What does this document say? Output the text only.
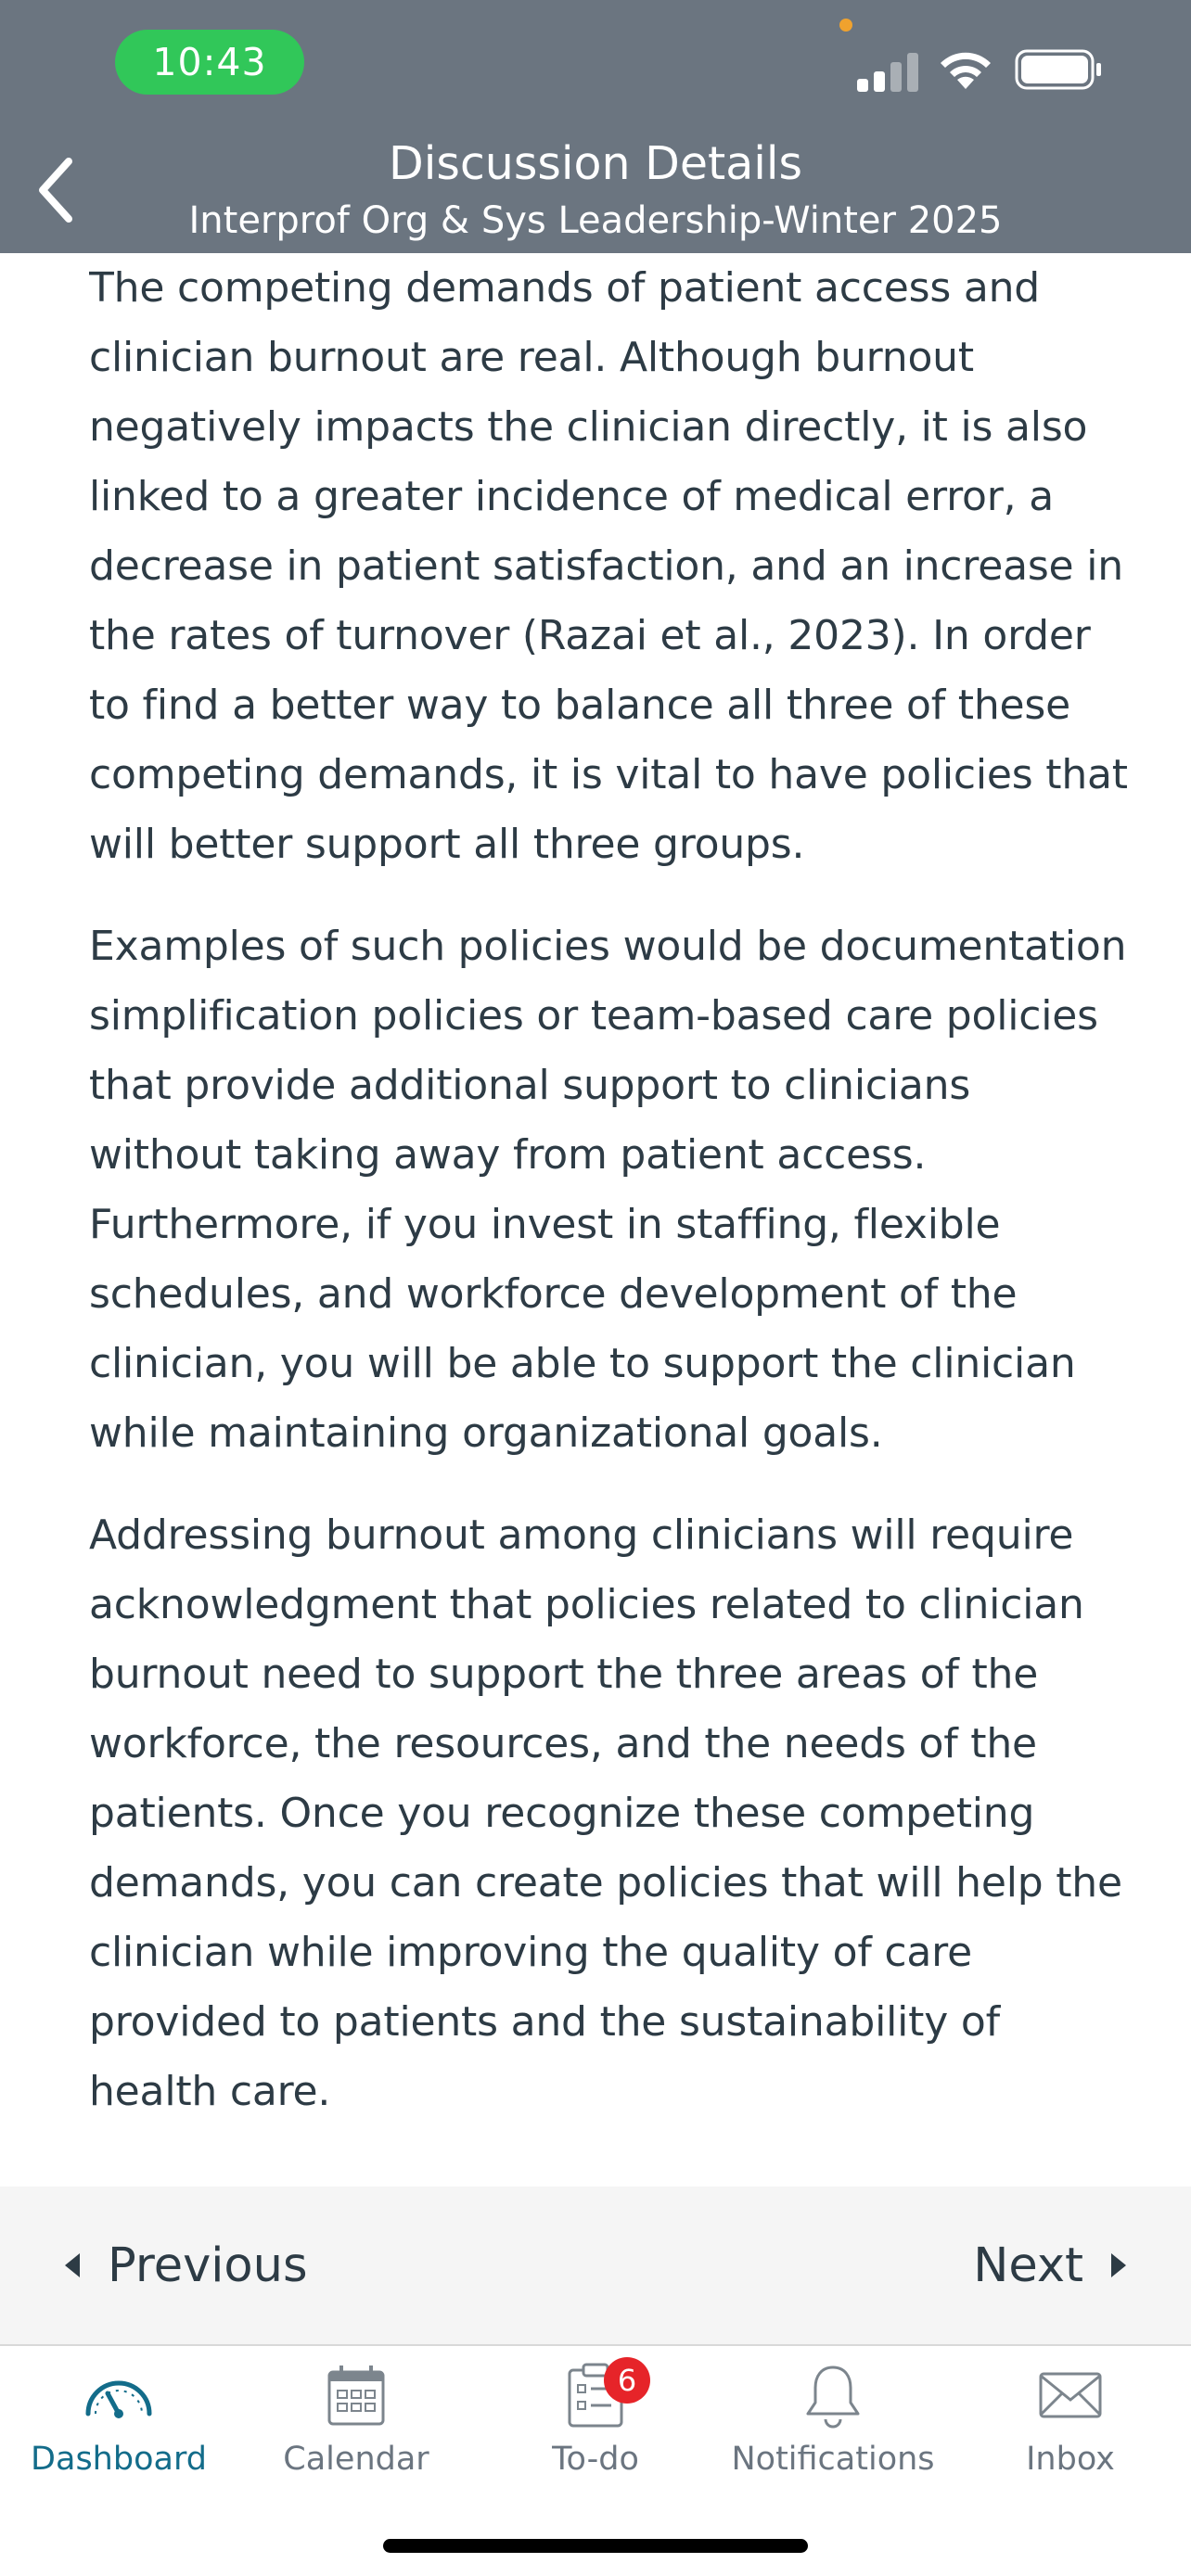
10:43
Discussion Details
Interprof Org & Sys Leadership-Winter 2025

The competing demands of patient access and clinician burnout are real. Although burnout negatively impacts the clinician directly, it is also linked to a greater incidence of medical error, a decrease in patient satisfaction, and an increase in the rates of turnover (Razai et al., 2023). In order to find a better way to balance all three of these competing demands, it is vital to have policies that will better support all three groups.

Examples of such policies would be documentation simplification policies or team-based care policies that provide additional support to clinicians without taking away from patient access. Furthermore, if you invest in staffing, flexible schedules, and workforce development of the clinician, you will be able to support the clinician while maintaining organizational goals.

Addressing burnout among clinicians will require acknowledgment that policies related to clinician burnout need to support the three areas of the workforce, the resources, and the needs of the patients. Once you recognize these competing demands, you can create policies that will help the clinician while improving the quality of care provided to patients and the sustainability of health care.

Previous	Next
Dashboard Calendar
6
To-do	Notifications	Inbox
